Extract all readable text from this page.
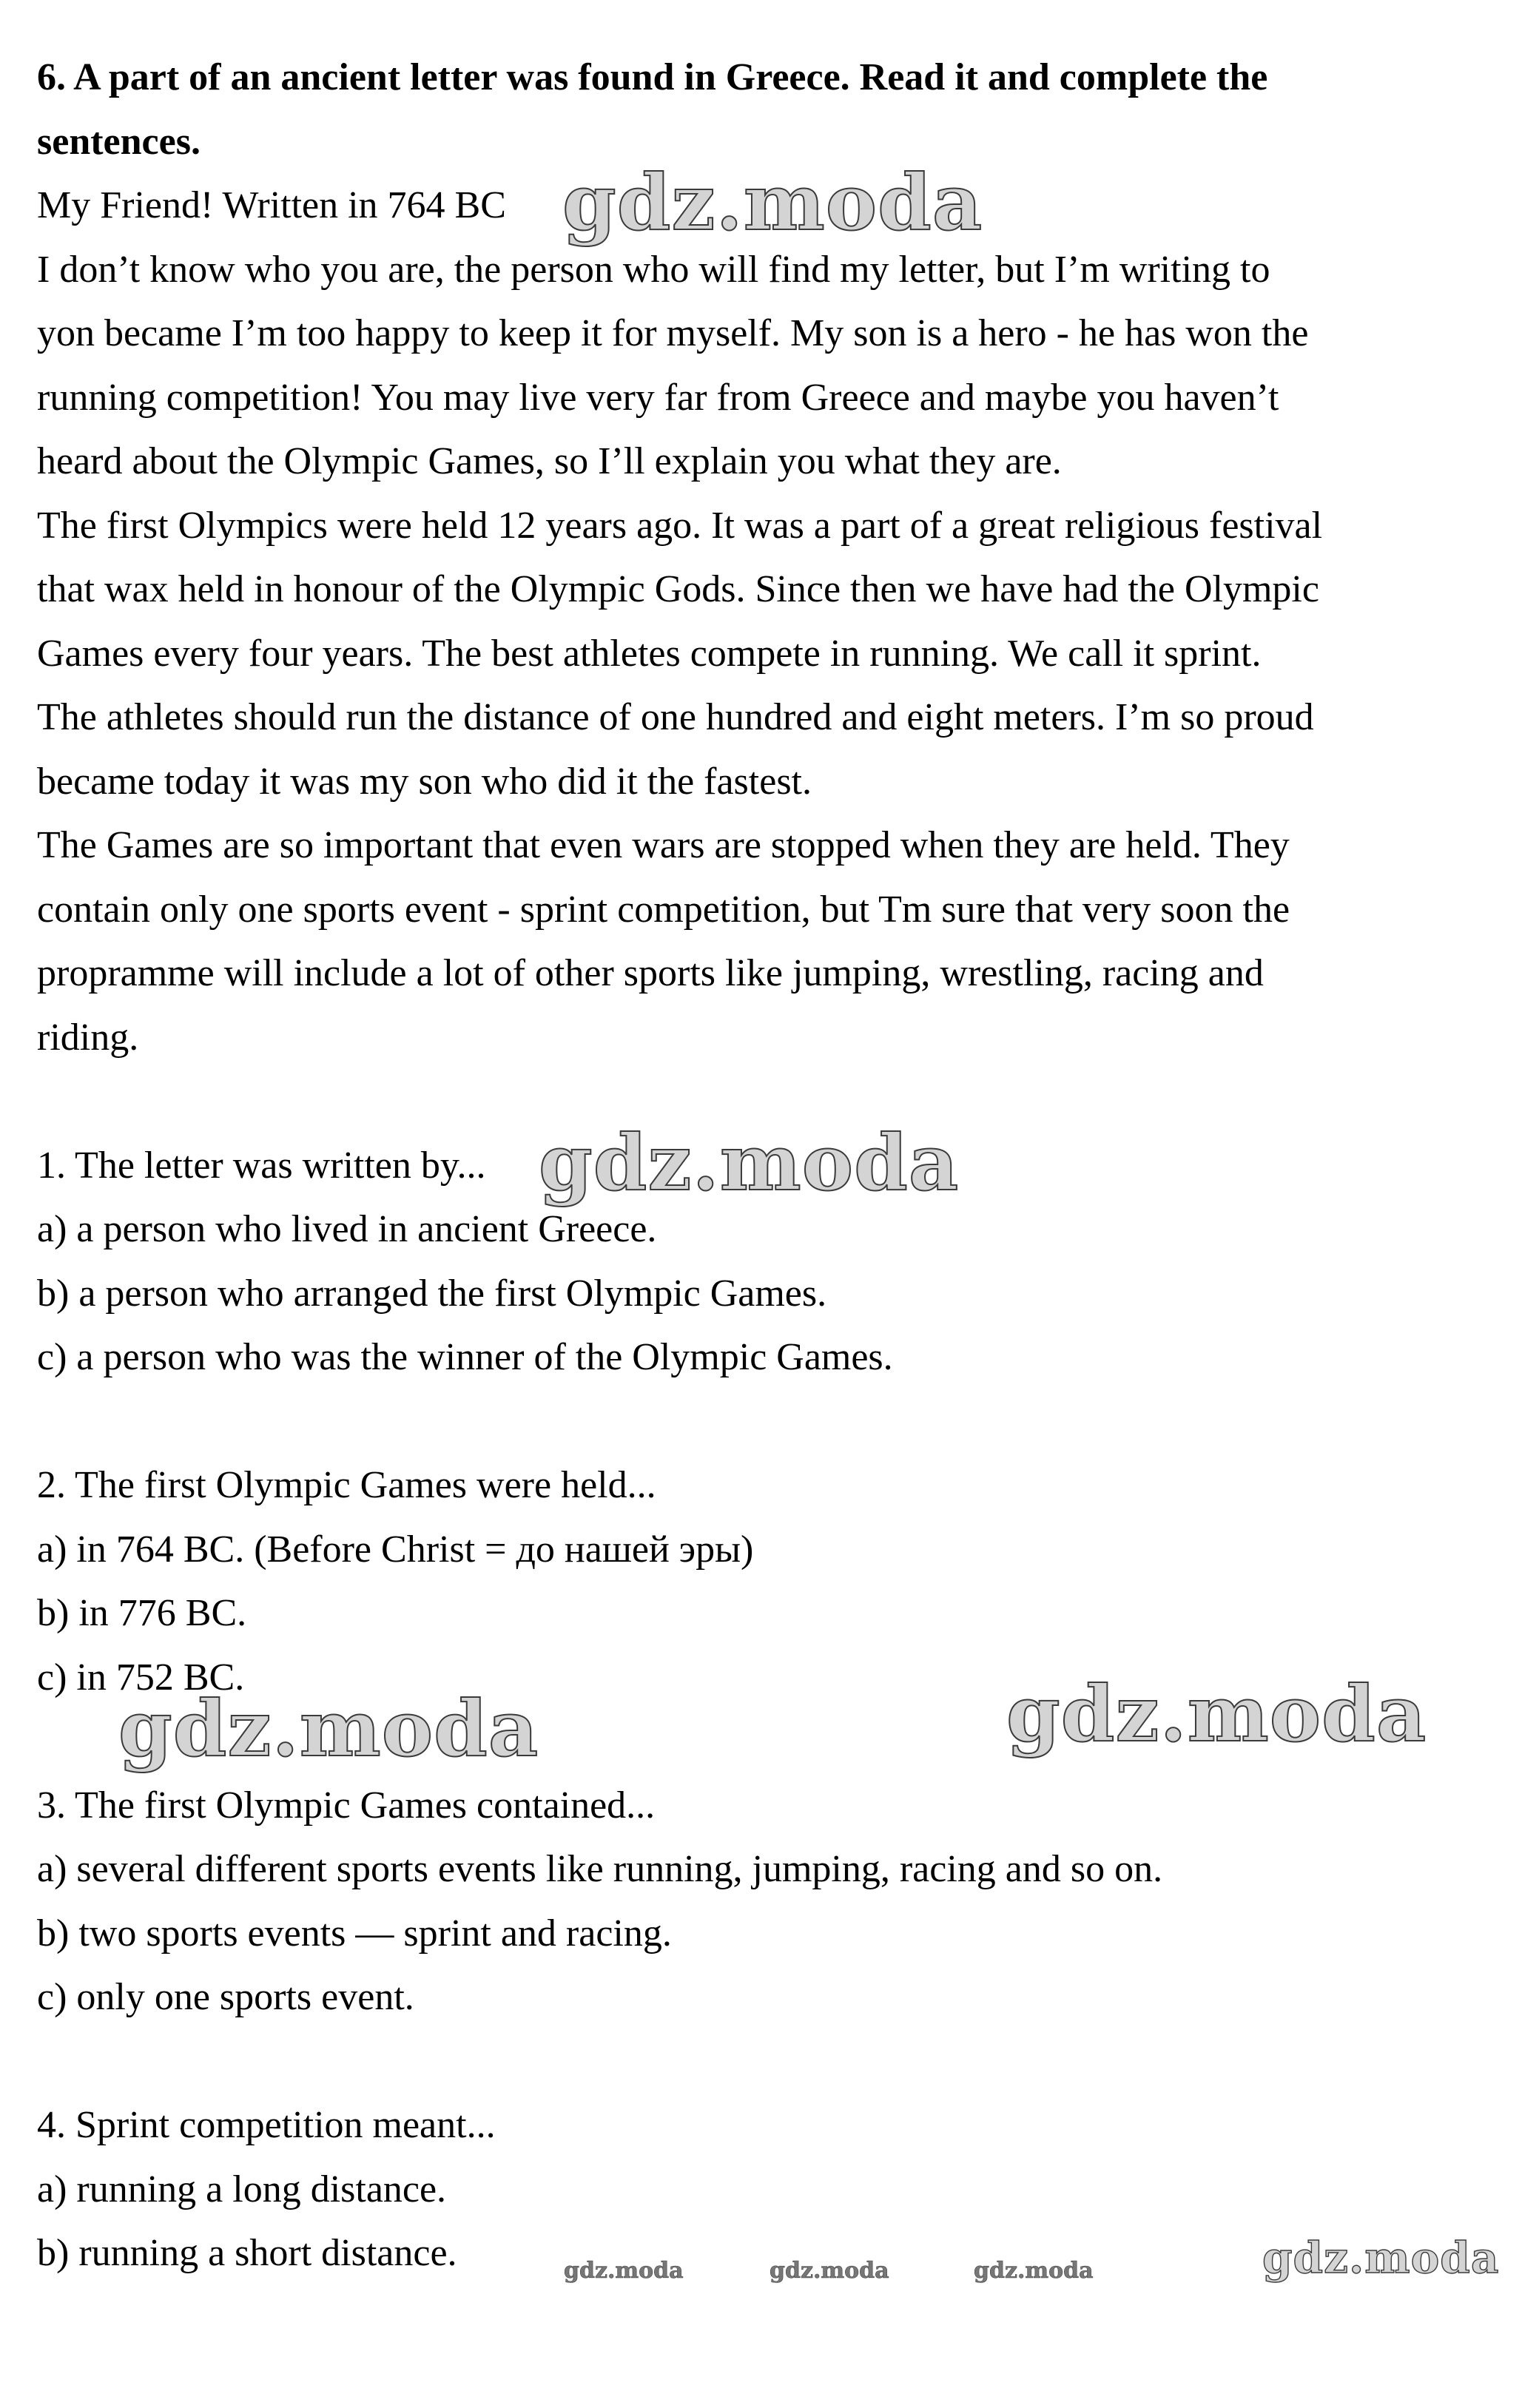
6. A part of an ancient letter was found in Greece. Read it and complete the
sentences.
My Friend! Written in 764 BC
I don’t know who you are, the person who will find my letter, but I’m writing to
yon became I’m too happy to keep it for myself. My son is a hero - he has won the
running competition! You may live very far from Greece and maybe you haven’t
heard about the Olympic Games, so I’ll explain you what they are.
The first Olympics were held 12 years ago. It was a part of a great religious festival
that wax held in honour of the Olympic Gods. Since then we have had the Olympic
Games every four years. The best athletes compete in running. We call it sprint.
The athletes should run the distance of one hundred and eight meters. I’m so proud
became today it was my son who did it the fastest.
The Games are so important that even wars are stopped when they are held. They
contain only one sports event - sprint competition, but Tm sure that very soon the
propramme will include a lot of other sports like jumping, wrestling, racing and
riding.
1. The letter was written by...
a) a person who lived in ancient Greece.
b) a person who arranged the first Olympic Games.
c) a person who was the winner of the Olympic Games.
2. The first Olympic Games were held...
a) in 764 BC. (Before Christ = до нашей эры)
b) in 776 BC.
c) in 752 BC.
3. The first Olympic Games contained...
a) several different sports events like running, jumping, racing and so on.
b) two sports events — sprint and racing.
c) only one sports event.
4. Sprint competition meant...
a) running a long distance.
b) running a short distance.
gdz.moda
gdz.moda
gdz.moda	gdz.moda
gdz.moda	gdz.moda	gdz.moda	gdz.moda
